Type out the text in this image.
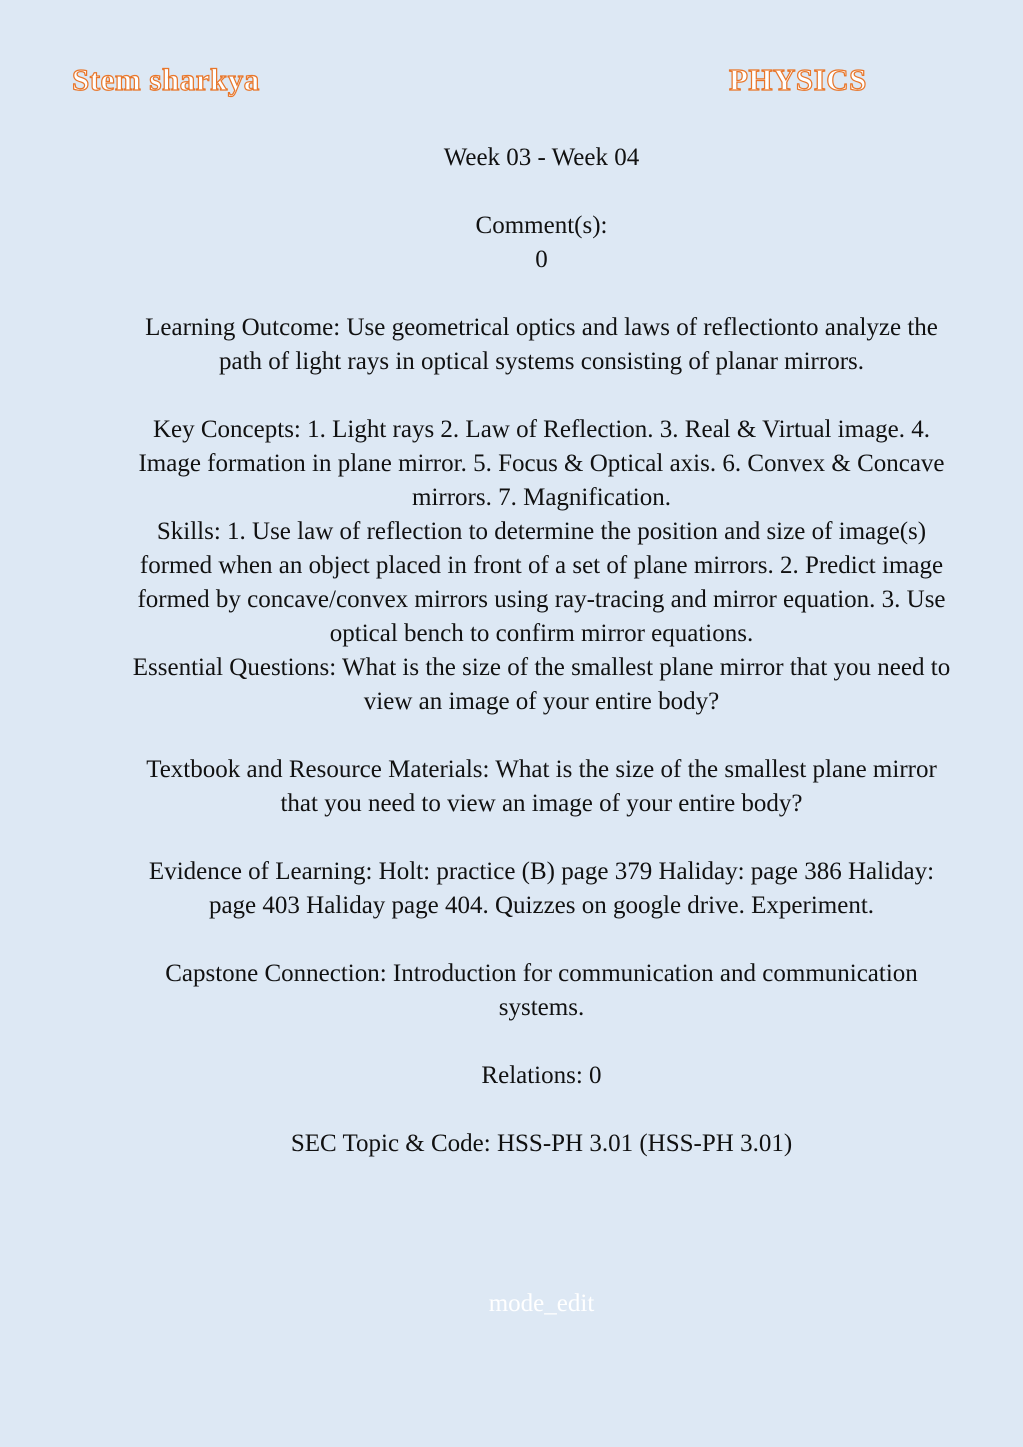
Stem sharkya	PHYSICS

Week 03 - Week 04

Comment(s):

0

Learning Outcome: Use geometrical optics and laws of reflectionto analyze the path of light rays in optical systems consisting of planar mirrors.

Key Concepts: 1. Light rays 2. Law of Reflection. 3. Real & Virtual image. 4. Image formation in plane mirror. 5. Focus & Optical axis. 6. Convex & Concave mirrors. 7. Magnification.

Skills: 1. Use law of reflection to determine the position and size of image(s) formed when an object placed in front of a set of plane mirrors. 2. Predict image formed by concave/convex mirrors using ray-tracing and mirror equation. 3. Use optical bench to confirm mirror equations.

Essential Questions: What is the size of the smallest plane mirror that you need to view an image of your entire body?

Textbook and Resource Materials: What is the size of the smallest plane mirror that you need to view an image of your entire body?

Evidence of Learning: Holt: practice (B) page 379 Haliday: page 386 Haliday: page 403 Haliday page 404. Quizzes on google drive. Experiment.

Capstone Connection: Introduction for communication and communication systems.

Relations: 0

SEC Topic & Code: HSS-PH 3.01 (HSS-PH 3.01)

mode_edit
